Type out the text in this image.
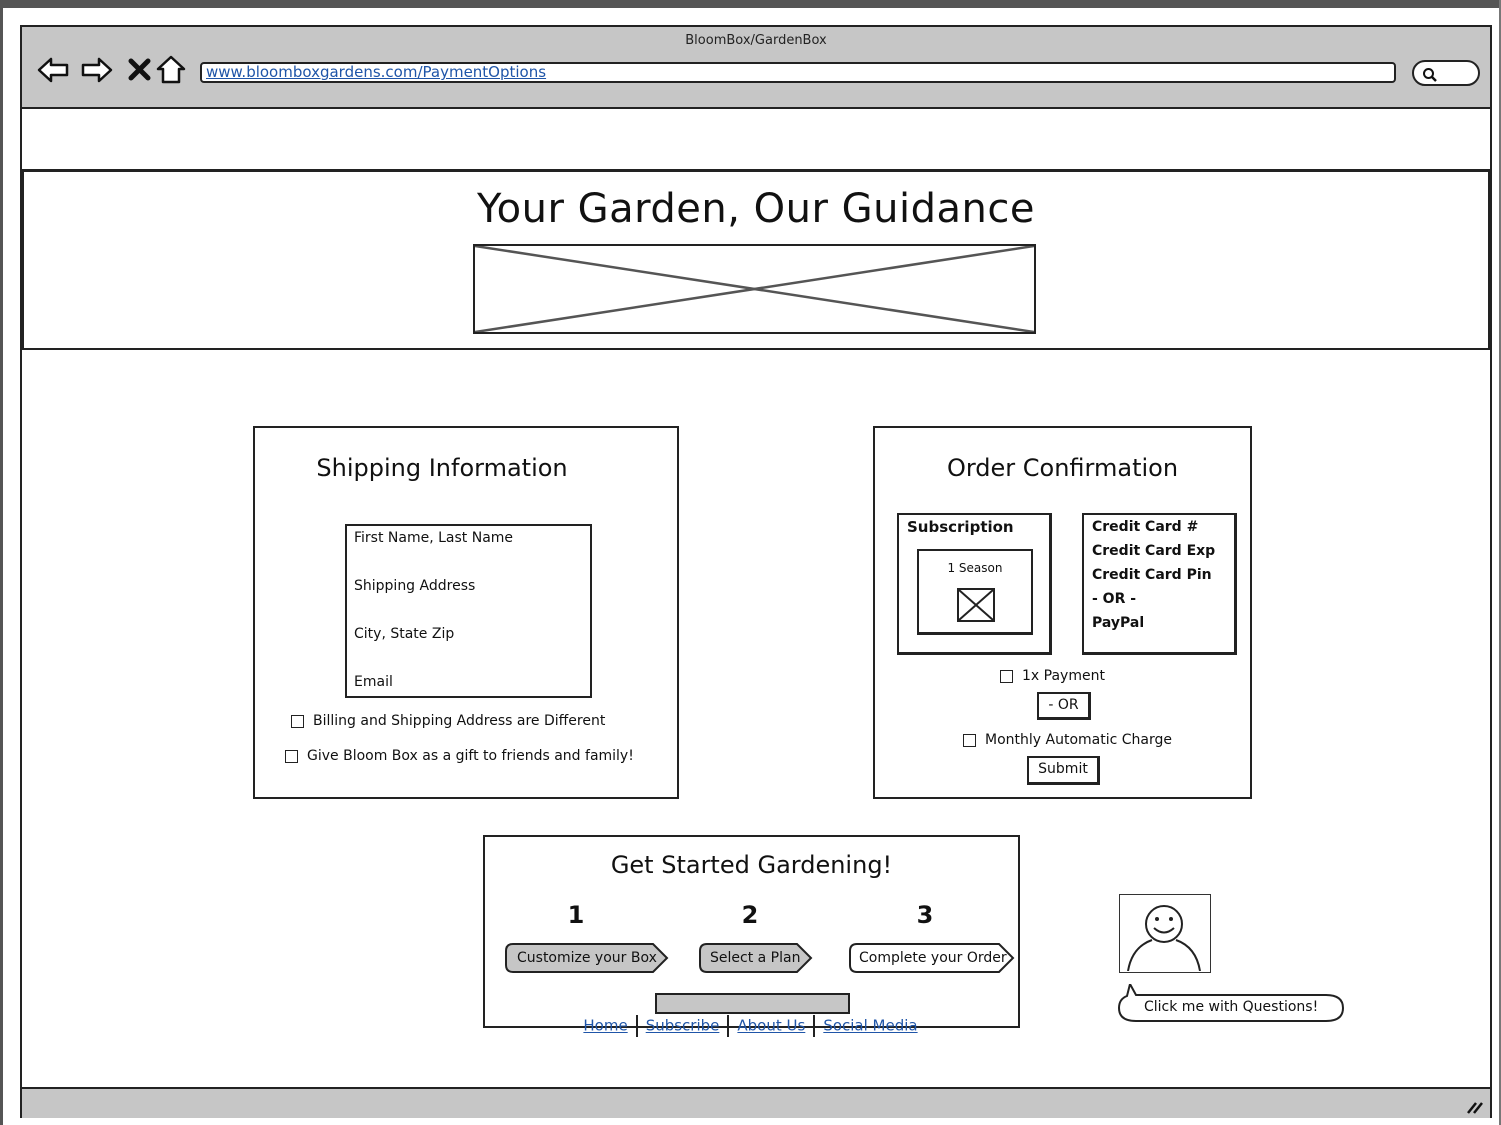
BloomBox/GardenBox
www.bloomboxgardens.com/PaymentOptions
Your Garden, Our Guidance
Shipping Information
First Name, Last Name
Shipping Address
City, State Zip
Email
Billing and Shipping Address are Different
Give Bloom Box as a gift to friends and family!
Order Confirmation
Subscription
1 Season
Credit Card #
Credit Card Exp
Credit Card Pin
- OR -
PayPal
1x Payment
- OR
Monthly Automatic Charge
Submit
Get Started Gardening!
1	2	3
Customize your Box	Select a Plan	Complete your Order
Home Subscribe About Us Social Media
Click me with Questions!
